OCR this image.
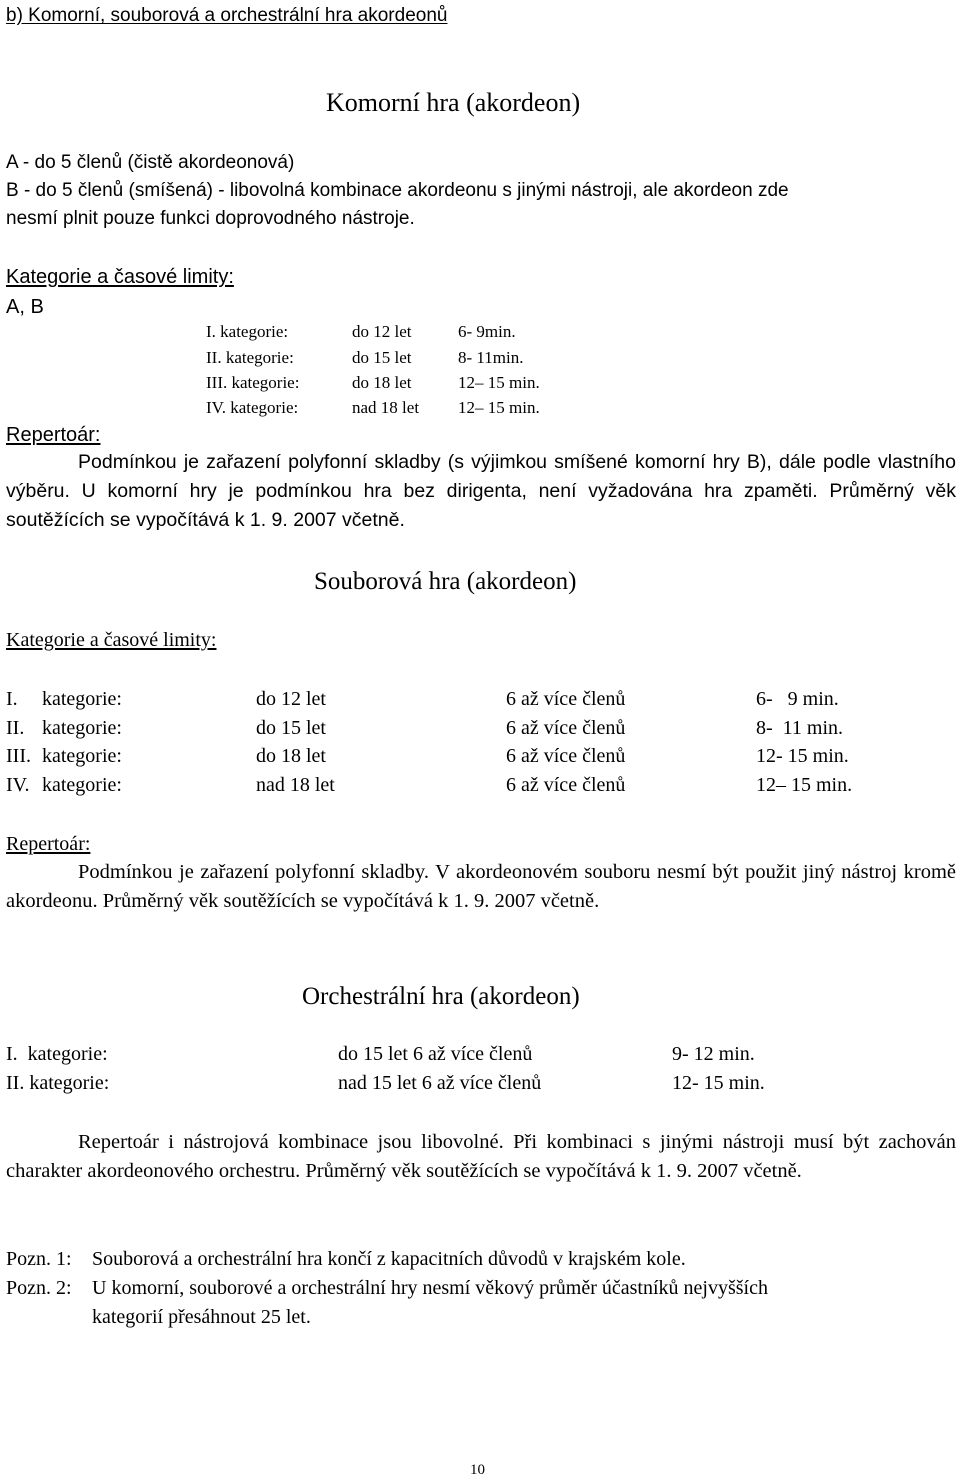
b) Komorní, souborová a orchestrální hra akordeonů
Komorní hra (akordeon)
A - do 5 členů (čistě akordeonová)
B - do 5 členů (smíšená) - libovolná kombinace akordeonu s jinými nástroji, ale akordeon zde
nesmí plnit pouze funkci doprovodného nástroje.
Kategorie a časové limity:
A, B
I. kategorie:	do 12 let	6- 9min.
II. kategorie:	do 15 let	8- 11min.
III. kategorie:	do 18 let	12– 15 min.
IV. kategorie:	nad 18 let 12– 15 min.
Repertoár:
Podmínkou je zařazení polyfonní skladby (s výjimkou smíšené komorní hry B), dále podle vlastního výběru. U komorní hry je podmínkou hra bez dirigenta, není vyžadována hra zpaměti. Průměrný věk soutěžících se vypočítává k 1. 9. 2007 včetně.
Souborová hra (akordeon)
Kategorie a časové limity:
I. kategorie:	do 12 let	6 až více členů	6-   9 min.
II. kategorie:	do 15 let	6 až více členů	8-  11 min.
III. kategorie:	do 18 let	6 až více členů	12- 15 min.
IV. kategorie:	nad 18 let	6 až více členů	12– 15 min.
Repertoár:
Podmínkou je zařazení polyfonní skladby. V akordeonovém souboru nesmí být použit jiný nástroj kromě akordeonu. Průměrný věk soutěžících se vypočítává k 1. 9. 2007 včetně.
Orchestrální hra (akordeon)
I.  kategorie:	do 15 let 6 až více členů	9- 12 min.
II. kategorie:	nad 15 let 6 až více členů	12- 15 min.
Repertoár i nástrojová kombinace jsou libovolné. Při kombinaci s jinými nástroji musí být zachován charakter akordeonového orchestru. Průměrný věk soutěžících se vypočítává k 1. 9. 2007 včetně.
Pozn. 1: Souborová a orchestrální hra končí z kapacitních důvodů v krajském kole.
Pozn. 2: U komorní, souborové a orchestrální hry nesmí věkový průměr účastníků nejvyšších
kategorií přesáhnout 25 let.
10
